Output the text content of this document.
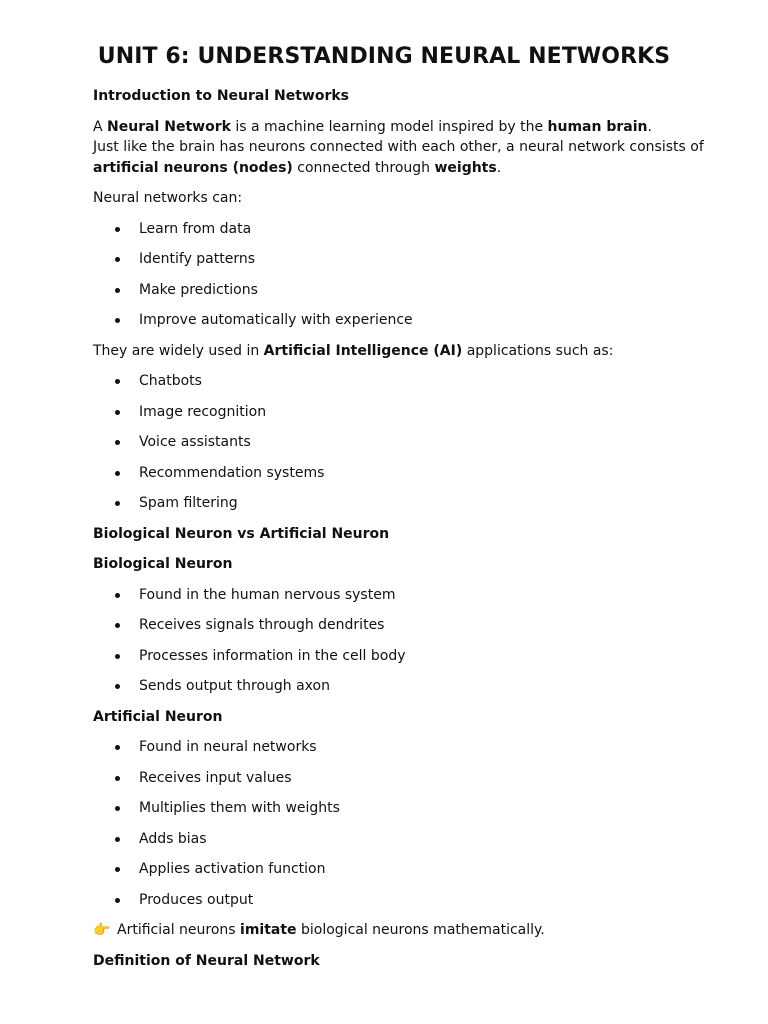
UNIT 6: UNDERSTANDING NEURAL NETWORKS

Introduction to Neural Networks

A Neural Network is a machine learning model inspired by the human brain.

Just like the brain has neurons connected with each other, a neural network consists of

artificial neurons (nodes) connected through weights.

Neural networks can:

Learn from data
Identify patterns
Make predictions
Improve automatically with experience

They are widely used in Artificial Intelligence (AI) applications such as:

Chatbots
Image recognition
Voice assistants
Recommendation systems
Spam filtering

Biological Neuron vs Artificial Neuron

Biological Neuron

Found in the human nervous system
Receives signals through dendrites
Processes information in the cell body
Sends output through axon

Artificial Neuron

Found in neural networks
Receives input values
Multiplies them with weights
Adds bias
Applies activation function
Produces output

👉 Artificial neurons imitate biological neurons mathematically.

Definition of Neural Network
